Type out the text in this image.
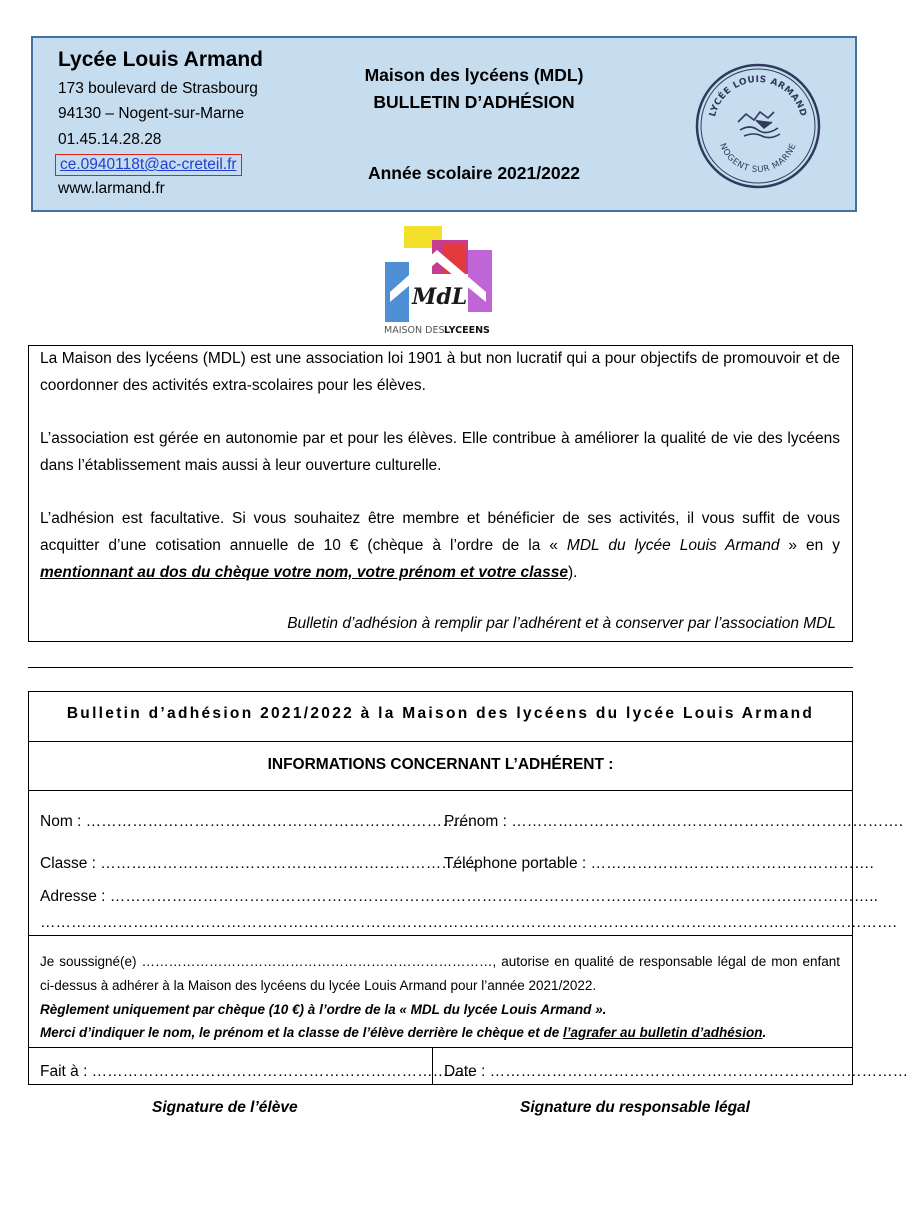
Lycée Louis Armand
173 boulevard de Strasbourg
94130 – Nogent-sur-Marne
01.45.14.28.28
ce.0940118t@ac-creteil.fr
www.larmand.fr
Maison des lycéens (MDL)
BULLETIN D’ADHÉSION
Année scolaire 2021/2022
LYCÉE LOUIS ARMAND
NOGENT SUR MARNE
MdL
MAISON DES LYCEENS
La Maison des lycéens (MDL) est une association loi 1901 à but non lucratif qui a pour objectifs de promouvoir et de coordonner des activités extra-scolaires pour les élèves.
L’association est gérée en autonomie par et pour les élèves. Elle contribue à améliorer la qualité de vie des lycéens dans l’établissement mais aussi à leur ouverture culturelle.
L’adhésion est facultative. Si vous souhaitez être membre et bénéficier de ses activités, il vous suffit de vous acquitter d’une cotisation annuelle de 10 € (chèque à l’ordre de la « MDL du lycée Louis Armand » en y mentionnant au dos du chèque votre nom, votre prénom et votre classe).
Bulletin d’adhésion à remplir par l’adhérent et à conserver par l’association MDL
Bulletin d’adhésion 2021/2022 à la Maison des lycéens du lycée Louis Armand
INFORMATIONS CONCERNANT L’ADHÉRENT :
Nom : …………………………………………………………………
Prénom : ………………………………………………………………….
Classe : ……………………………………………………………….
Téléphone portable : ……………………………………………….
Adresse : …………………………………………………………………………………………………………………………………..
………………………………………………………………………………………………………………………………………………….
Je soussigné(e) ……………………………………………………………………, autorise en qualité de responsable légal de mon enfant ci-dessus à adhérer à la Maison des lycéens du lycée Louis Armand pour l’année 2021/2022.
Règlement uniquement par chèque (10 €) à l’ordre de la « MDL du lycée Louis Armand ».
Merci d’indiquer le nom, le prénom et la classe de l’élève derrière le chèque et de l’agrafer au bulletin d’adhésion.
Fait à : ………………………………………………………………..
Date : ………………………………………………………………………
Signature de l’élève	Signature du responsable légal
